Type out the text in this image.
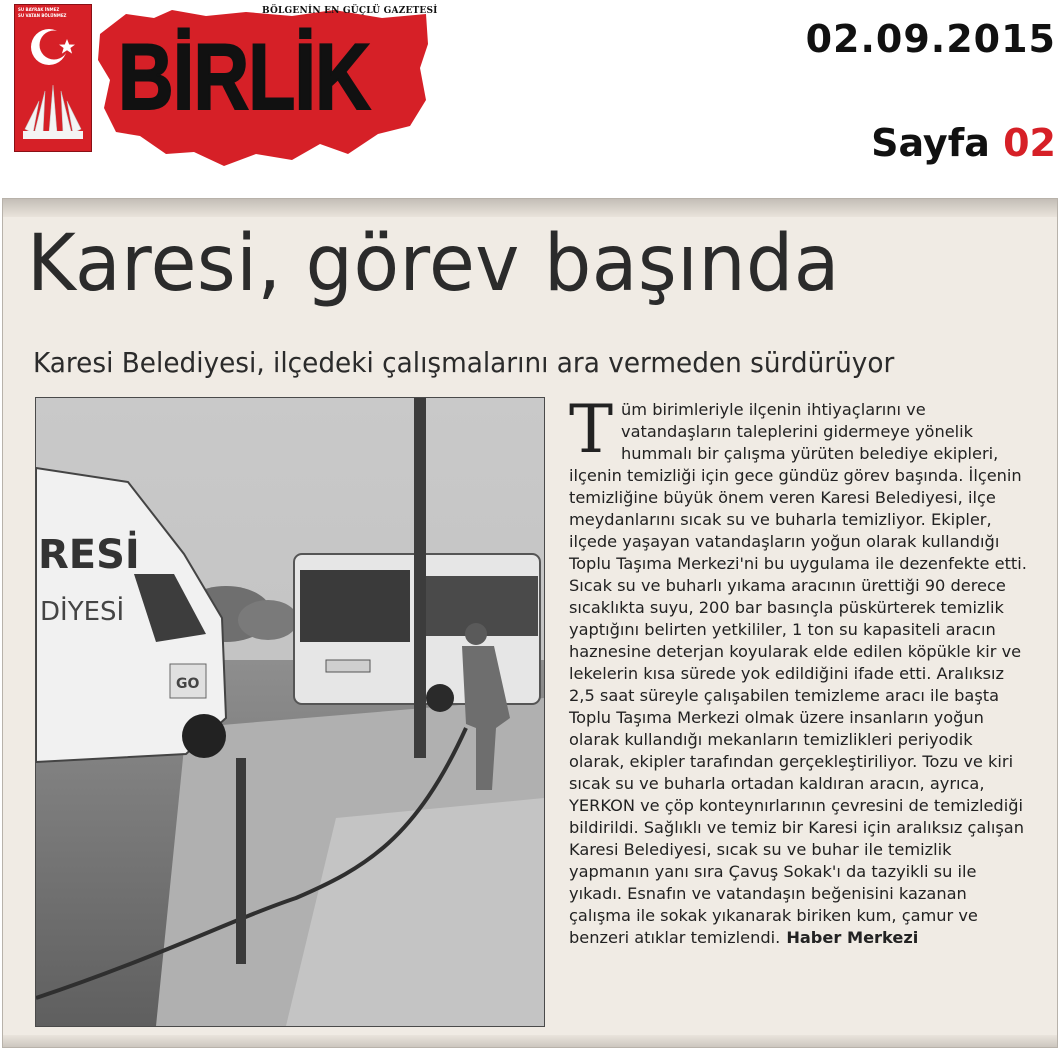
SU BAYRAK İNMEZ
SU VATAN BÖLÜNMEZ	BÖLGENİN EN GÜÇLÜ GAZETESİ
BİRLİK	02.09.2015
Sayfa 02
Karesi, görev başında
Karesi Belediyesi, ilçedeki çalışmalarını ara vermeden sürdürüyor
RESİ
DİYESİ
GO
Tüm birimleriyle ilçenin ihtiyaçlarını ve vatandaşların taleplerini gidermeye yönelik hummalı bir çalışma yürüten belediye ekipleri, ilçenin temizliği için gece gündüz görev başında. İlçenin temizliğine büyük önem veren Karesi Belediyesi, ilçe meydanlarını sıcak su ve buharla temizliyor. Ekipler, ilçede yaşayan vatandaşların yoğun olarak kullandığı Toplu Taşıma Merkezi'ni bu uygulama ile dezenfekte etti. Sıcak su ve buharlı yıkama aracının ürettiği 90 derece sıcaklıkta suyu, 200 bar basınçla püskürterek temizlik yaptığını belirten yetkililer, 1 ton su kapasiteli aracın haznesine deterjan koyularak elde edilen köpükle kir ve lekelerin kısa sürede yok edildiğini ifade etti. Aralıksız 2,5 saat süreyle çalışabilen temizleme aracı ile başta Toplu Taşıma Merkezi olmak üzere insanların yoğun olarak kullandığı mekanların temizlikleri periyodik olarak, ekipler tarafından gerçekleştiriliyor. Tozu ve kiri sıcak su ve buharla ortadan kaldıran aracın, ayrıca, YERKON ve çöp konteynırlarının çevresini de temizlediği bildirildi. Sağlıklı ve temiz bir Karesi için aralıksız çalışan Karesi Belediyesi, sıcak su ve buhar ile temizlik yapmanın yanı sıra Çavuş Sokak'ı da tazyikli su ile yıkadı. Esnafın ve vatandaşın beğenisini kazanan çalışma ile sokak yıkanarak biriken kum, çamur ve benzeri atıklar temizlendi. Haber Merkezi
